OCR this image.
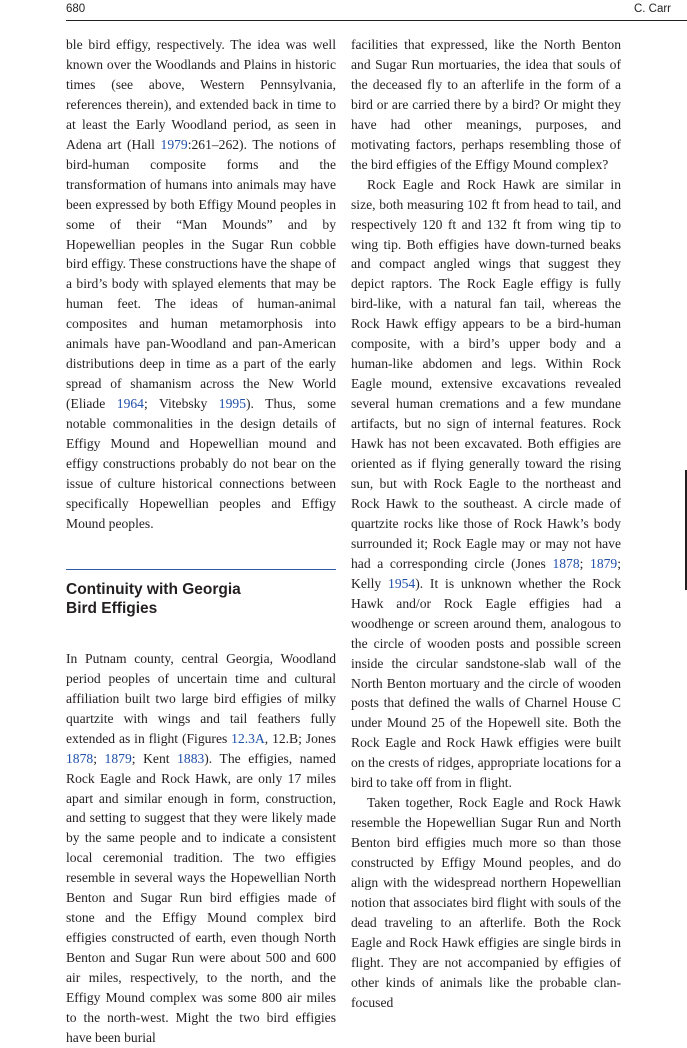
680	C. Carr

ble bird effigy, respectively. The idea was well known over the Woodlands and Plains in historic times (see above, Western Pennsylvania, references therein), and extended back in time to at least the Early Woodland period, as seen in Adena art (Hall 1979:261–262). The notions of bird-human composite forms and the transformation of humans into animals may have been expressed by both Effigy Mound peoples in some of their “Man Mounds” and by Hopewellian peoples in the Sugar Run cobble bird effigy. These constructions have the shape of a bird’s body with splayed elements that may be human feet. The ideas of human-animal composites and human metamorphosis into animals have pan-Woodland and pan-American distributions deep in time as a part of the early spread of shamanism across the New World (Eliade 1964; Vitebsky 1995). Thus, some notable commonalities in the design details of Effigy Mound and Hopewellian mound and effigy constructions probably do not bear on the issue of culture historical connections between specifically Hopewellian peoples and Effigy Mound peoples.

Continuity with Georgia
Bird Effigies

In Putnam county, central Georgia, Woodland period peoples of uncertain time and cultural affiliation built two large bird effigies of milky quartzite with wings and tail feathers fully extended as in flight (Figures 12.3A, 12.B; Jones 1878; 1879; Kent 1883). The effigies, named Rock Eagle and Rock Hawk, are only 17 miles apart and similar enough in form, construction, and setting to suggest that they were likely made by the same people and to indicate a consistent local ceremonial tradition. The two effigies resemble in several ways the Hopewellian North Benton and Sugar Run bird effigies made of stone and the Effigy Mound complex bird effigies constructed of earth, even though North Benton and Sugar Run were about 500 and 600 air miles, respectively, to the north, and the Effigy Mound complex was some 800 air miles to the north-west. Might the two bird effigies have been burial

facilities that expressed, like the North Benton and Sugar Run mortuaries, the idea that souls of the deceased fly to an afterlife in the form of a bird or are carried there by a bird? Or might they have had other meanings, purposes, and motivating factors, perhaps resembling those of the bird effigies of the Effigy Mound complex?

Rock Eagle and Rock Hawk are similar in size, both measuring 102 ft from head to tail, and respectively 120 ft and 132 ft from wing tip to wing tip. Both effigies have down-turned beaks and compact angled wings that suggest they depict raptors. The Rock Eagle effigy is fully bird-like, with a natural fan tail, whereas the Rock Hawk effigy appears to be a bird-human composite, with a bird’s upper body and a human-like abdomen and legs. Within Rock Eagle mound, extensive excavations revealed several human cremations and a few mundane artifacts, but no sign of internal features. Rock Hawk has not been excavated. Both effigies are oriented as if flying generally toward the rising sun, but with Rock Eagle to the northeast and Rock Hawk to the southeast. A circle made of quartzite rocks like those of Rock Hawk’s body surrounded it; Rock Eagle may or may not have had a corresponding circle (Jones 1878; 1879; Kelly 1954). It is unknown whether the Rock Hawk and/or Rock Eagle effigies had a woodhenge or screen around them, analogous to the circle of wooden posts and possible screen inside the circular sandstone-slab wall of the North Benton mortuary and the circle of wooden posts that defined the walls of Charnel House C under Mound 25 of the Hopewell site. Both the Rock Eagle and Rock Hawk effigies were built on the crests of ridges, appropriate locations for a bird to take off from in flight.

Taken together, Rock Eagle and Rock Hawk resemble the Hopewellian Sugar Run and North Benton bird effigies much more so than those constructed by Effigy Mound peoples, and do align with the widespread northern Hopewellian notion that associates bird flight with souls of the dead traveling to an afterlife. Both the Rock Eagle and Rock Hawk effigies are single birds in flight. They are not accompanied by effigies of other kinds of animals like the probable clan-focused
